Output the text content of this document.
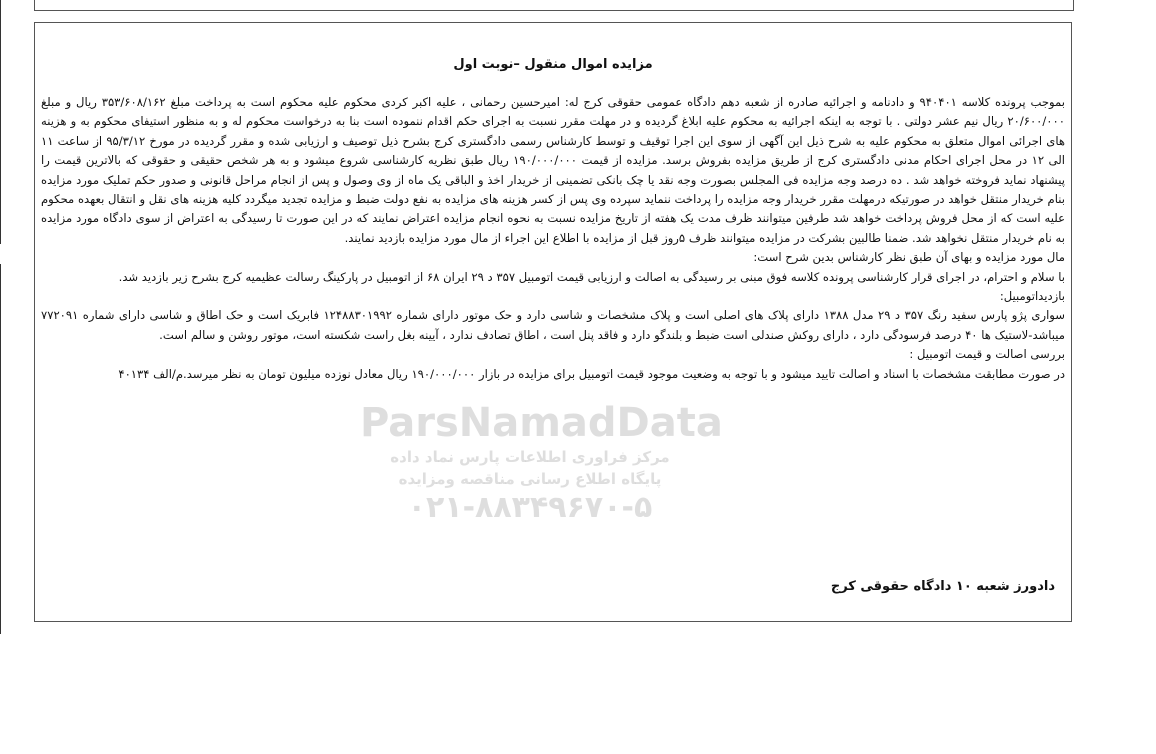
مزایده اموال منقول –نوبت اول

بموجب پرونده کلاسه ۹۴۰۴۰۱ و دادنامه و اجرائیه صادره از شعبه دهم دادگاه عمومی حقوقی کرج له: امیرحسین رحمانی ، علیه اکبر کردی محکوم علیه محکوم است به پرداخت مبلغ ۳۵۳/۶۰۸/۱۶۲ ریال و مبلغ ۲۰/۶۰۰/۰۰۰ ریال نیم عشر دولتی . با توجه به اینکه اجرائیه به محکوم علیه ابلاغ گردیده و در مهلت مقرر نسبت به اجرای حکم اقدام ننموده است بنا به درخواست محکوم له و به منظور استیفای محکوم به و هزینه های اجرائی اموال متعلق به محکوم علیه به شرح ذیل این آگهی از سوی این اجرا توقیف و توسط کارشناس رسمی دادگستری کرج بشرح ذیل توصیف و ارزیابی شده و مقرر گردیده در مورخ ۹۵/۳/۱۲ از ساعت ۱۱ الی ۱۲ در محل اجرای احکام مدنی دادگستری کرج از طریق مزایده بفروش برسد. مزایده از قیمت ۱۹۰/۰۰۰/۰۰۰ ریال طبق نظریه کارشناسی شروع میشود و به هر شخص حقیقی و حقوقی که بالاترین قیمت را پیشنهاد نماید فروخته خواهد شد . ده درصد وجه مزایده فی المجلس بصورت وجه نقد یا چک بانکی تضمینی از خریدار اخذ و الباقی یک ماه از وی وصول و پس از انجام مراحل قانونی و صدور حکم تملیک مورد مزایده بنام خریدار منتقل خواهد در صورتیکه درمهلت مقرر خریدار وجه مزایده را پرداخت ننماید سپرده وی پس از کسر هزینه های مزایده به نفع دولت ضبط و مزایده تجدید میگردد کلیه هزینه های نقل و انتقال بعهده محکوم علیه است که از محل فروش پرداخت خواهد شد طرفین میتوانند ظرف مدت یک هفته از تاریخ مزایده نسبت به نحوه انجام مزایده اعتراض نمایند که در این صورت تا رسیدگی به اعتراض از سوی دادگاه مورد مزایده به نام خریدار منتقل نخواهد شد. ضمنا طالبین بشرکت در مزایده میتوانند ظرف ۵روز قبل از مزایده با اطلاع این اجراء از مال مورد مزایده بازدید نمایند.

مال مورد مزایده و بهای آن طبق نظر کارشناس بدین شرح است:

با سلام و احترام، در اجرای قرار کارشناسی پرونده کلاسه فوق مبنی بر رسیدگی به اصالت و ارزیابی قیمت اتومبیل ۳۵۷ د ۲۹ ایران ۶۸ از اتومبیل در پارکینگ رسالت عظیمیه کرج بشرح زیر بازدید شد.

بازدیداتومبیل:

سواری پژو پارس سفید رنگ ۳۵۷ د ۲۹ مدل ۱۳۸۸ دارای پلاک های اصلی است و پلاک مشخصات و شاسی دارد و حک موتور دارای شماره ۱۲۴۸۸۳۰۱۹۹۲ فابریک است و حک اطاق و شاسی دارای شماره ۷۷۲۰۹۱ میباشد-لاستیک ها ۴۰ درصد فرسودگی دارد ، دارای روکش صندلی است ضبط و بلندگو دارد و فاقد پنل است ، اطاق تصادف ندارد ، آیینه بغل راست شکسته است، موتور روشن و سالم است.

بررسی اصالت و قیمت اتومبیل :

در صورت مطابقت مشخصات با اسناد و اصالت تایید میشود و با توجه به وضعیت موجود قیمت اتومبیل برای مزایده در بازار ۱۹۰/۰۰۰/۰۰۰ ریال معادل نوزده میلیون تومان به نظر میرسد.م/الف ۴۰۱۳۴

دادورز شعبه ۱۰ دادگاه حقوقی کرج
ParsNamadData
مرکز فراوری اطلاعات پارس نماد داده
پایگاه اطلاع رسانی مناقصه ومزایده
۰۲۱-۸۸۳۴۹۶۷۰-۵
